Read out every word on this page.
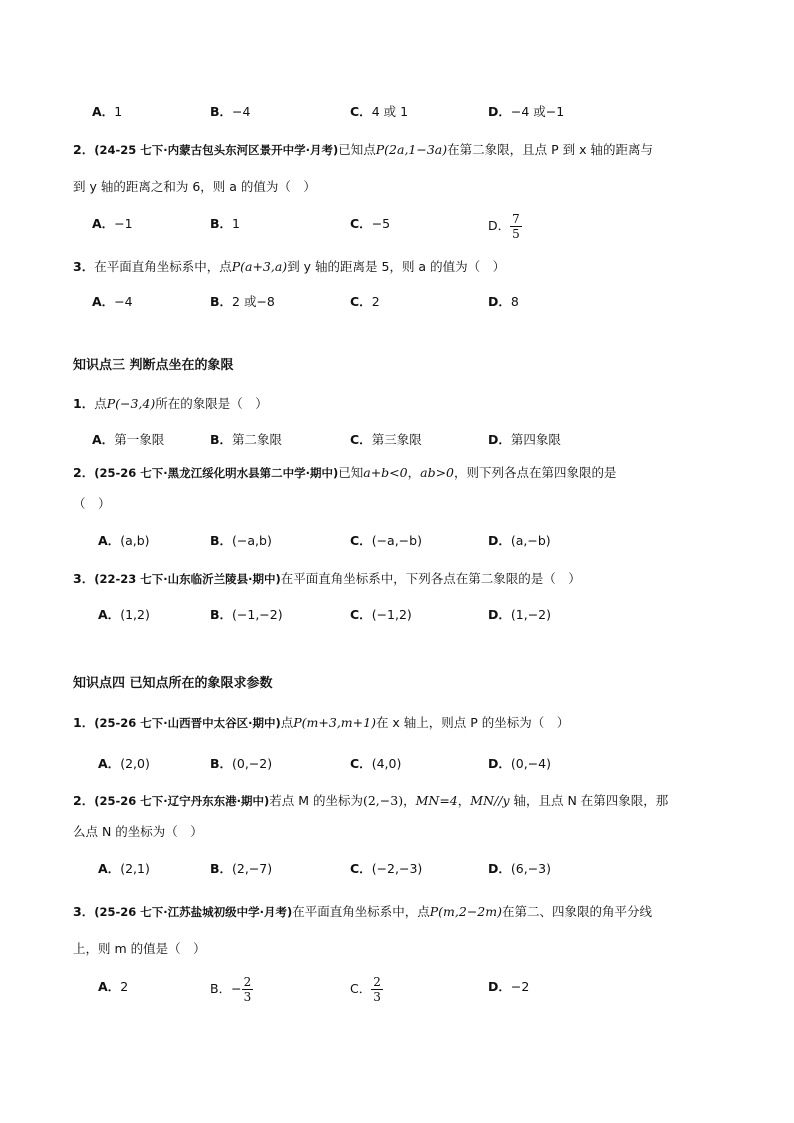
A．1	B．−4	C．4 或 1	D．−4 或−1
2．(24-25 七下·内蒙古包头东河区景开中学·月考)已知点P(2a,1−3a)在第二象限，且点 P 到 x 轴的距离与
到 y 轴的距离之和为 6，则 a 的值为（　）
A．−1	B．1	C．−5	D． $\frac{7}{5}$
3．在平面直角坐标系中，点P(a+3,a)到 y 轴的距离是 5，则 a 的值为（　）
A．−4	B．2 或−8	C．2	D．8
知识点三 判断点坐在的象限
1．点P(−3,4)所在的象限是（　）
A．第一象限	B．第二象限	C．第三象限	D．第四象限
2．(25-26 七下·黑龙江绥化明水县第二中学·期中)已知a+b<0，ab>0，则下列各点在第四象限的是
（　）
A．(a,b)	B．(−a,b)	C．(−a,−b)	D．(a,−b)
3．(22-23 七下·山东临沂兰陵县·期中)在平面直角坐标系中，下列各点在第二象限的是（　）
A．(1,2)	B．(−1,−2)	C．(−1,2)	D．(1,−2)
知识点四 已知点所在的象限求参数
1．(25-26 七下·山西晋中太谷区·期中)点P(m+3,m+1)在 x 轴上，则点 P 的坐标为（　）
A．(2,0)	B．(0,−2)	C．(4,0)	D．(0,−4)
2．(25-26 七下·辽宁丹东东港·期中)若点 M 的坐标为(2,−3)，MN=4，MN//y 轴，且点 N 在第四象限，那
么点 N 的坐标为（　）
A．(2,1)	B．(2,−7)	C．(−2,−3)	D．(6,−3)
3．(25-26 七下·江苏盐城初级中学·月考)在平面直角坐标系中，点P(m,2−2m)在第二、四象限的角平分线
上，则 m 的值是（　）
A．2	B．− $\frac{2}{3}$	C． $\frac{2}{3}$	D．−2
